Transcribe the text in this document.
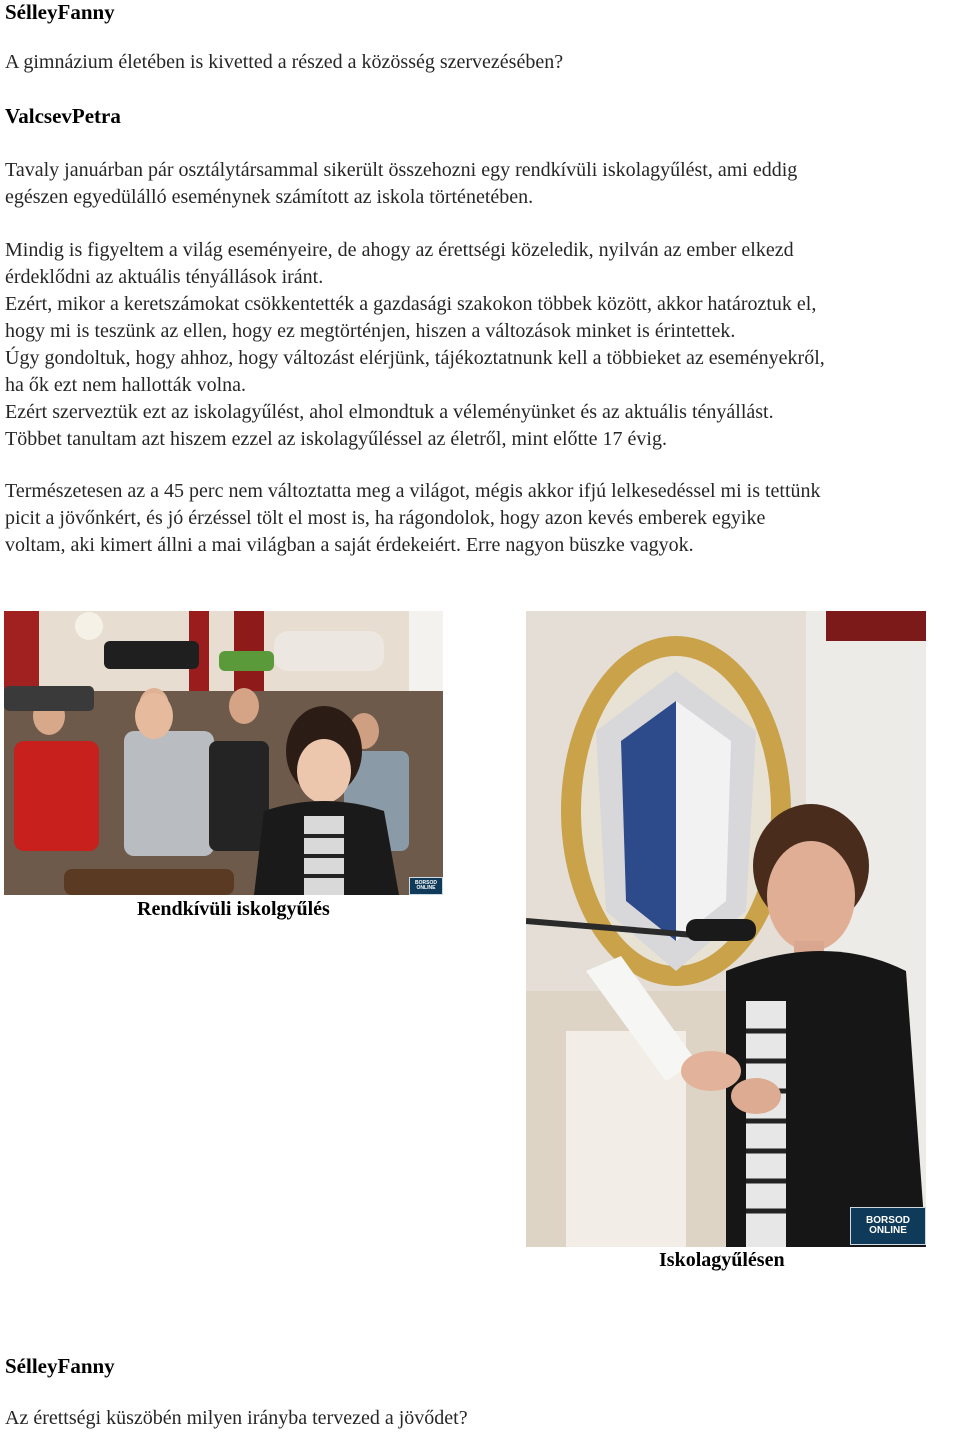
SélleyFanny
A gimnázium életében is kivetted a részed a közösség szervezésében?
ValcsevPetra
Tavaly januárban pár osztálytársammal sikerült összehozni egy rendkívüli iskolagyűlést, ami eddig
egészen egyedülálló eseménynek számított az iskola történetében.
Mindig is figyeltem a világ eseményeire, de ahogy az érettségi közeledik, nyilván az ember elkezd
érdeklődni az aktuális tényállások iránt.
Ezért, mikor a keretszámokat csökkentették a gazdasági szakokon többek között, akkor határoztuk el,
hogy mi is teszünk az ellen, hogy ez megtörténjen, hiszen a változások minket is érintettek.
Úgy gondoltuk, hogy ahhoz, hogy változást elérjünk, tájékoztatnunk kell a többieket az eseményekről,
ha ők ezt nem hallották volna.
Ezért szerveztük ezt az iskolagyűlést, ahol elmondtuk a véleményünket és az aktuális tényállást.
Többet tanultam azt hiszem ezzel az iskolagyűléssel az életről, mint előtte 17 évig.
Természetesen az a 45 perc nem változtatta meg a világot, mégis akkor ifjú lelkesedéssel mi is tettünk
picit a jövőnkért, és jó érzéssel tölt el most is, ha rágondolok, hogy azon kevés emberek egyike
voltam, aki kimert állni a mai világban a saját érdekeiért. Erre nagyon büszke vagyok.
BORSOD
ONLINE
Rendkívüli iskolgyűlés
BORSOD
ONLINE
Iskolagyűlésen
SélleyFanny
Az érettségi küszöbén milyen irányba tervezed a jövődet?
